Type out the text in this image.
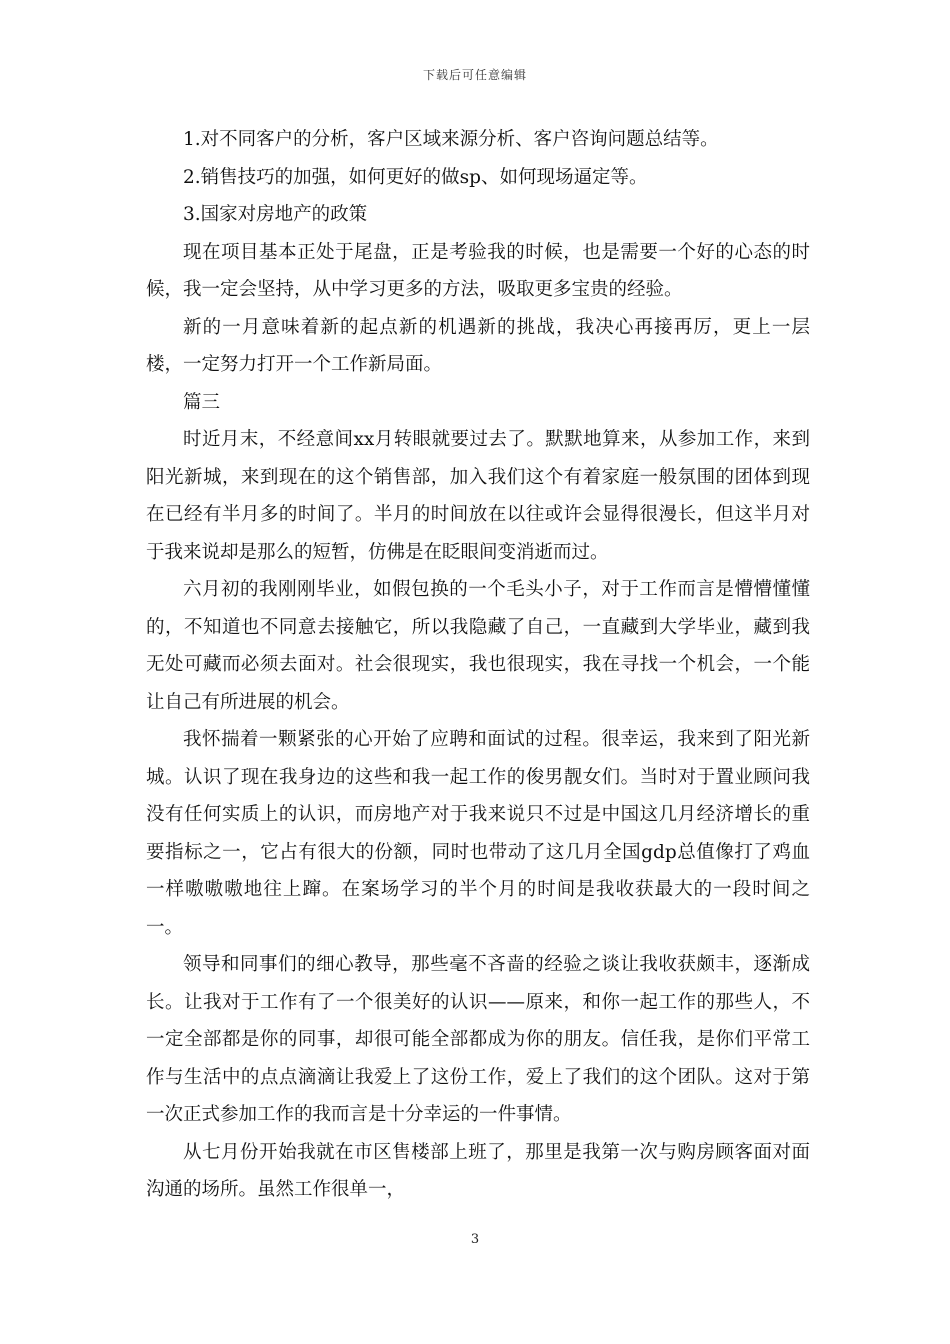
下载后可任意编辑

1.对不同客户的分析，客户区域来源分析、客户咨询问题总结等。

2.销售技巧的加强，如何更好的做sp、如何现场逼定等。

3.国家对房地产的政策

现在项目基本正处于尾盘，正是考验我的时候，也是需要一个好的心态的时候，我一定会坚持，从中学习更多的方法，吸取更多宝贵的经验。

新的一月意味着新的起点新的机遇新的挑战，我决心再接再厉，更上一层楼，一定努力打开一个工作新局面。

篇三

时近月末，不经意间xx月转眼就要过去了。默默地算来，从参加工作，来到阳光新城，来到现在的这个销售部，加入我们这个有着家庭一般氛围的团体到现在已经有半月多的时间了。半月的时间放在以往或许会显得很漫长，但这半月对于我来说却是那么的短暂，仿佛是在眨眼间变消逝而过。

六月初的我刚刚毕业，如假包换的一个毛头小子，对于工作而言是懵懵懂懂的，不知道也不同意去接触它，所以我隐藏了自己，一直藏到大学毕业，藏到我无处可藏而必须去面对。社会很现实，我也很现实，我在寻找一个机会，一个能让自己有所进展的机会。

我怀揣着一颗紧张的心开始了应聘和面试的过程。很幸运，我来到了阳光新城。认识了现在我身边的这些和我一起工作的俊男靓女们。当时对于置业顾问我没有任何实质上的认识，而房地产对于我来说只不过是中国这几月经济增长的重要指标之一，它占有很大的份额，同时也带动了这几月全国gdp总值像打了鸡血一样嗷嗷嗷地往上蹿。在案场学习的半个月的时间是我收获最大的一段时间之一。

领导和同事们的细心教导，那些毫不吝啬的经验之谈让我收获颇丰，逐渐成长。让我对于工作有了一个很美好的认识——原来，和你一起工作的那些人，不一定全部都是你的同事，却很可能全部都成为你的朋友。信任我，是你们平常工作与生活中的点点滴滴让我爱上了这份工作，爱上了我们的这个团队。这对于第一次正式参加工作的我而言是十分幸运的一件事情。

从七月份开始我就在市区售楼部上班了，那里是我第一次与购房顾客面对面沟通的场所。虽然工作很单一，

3
